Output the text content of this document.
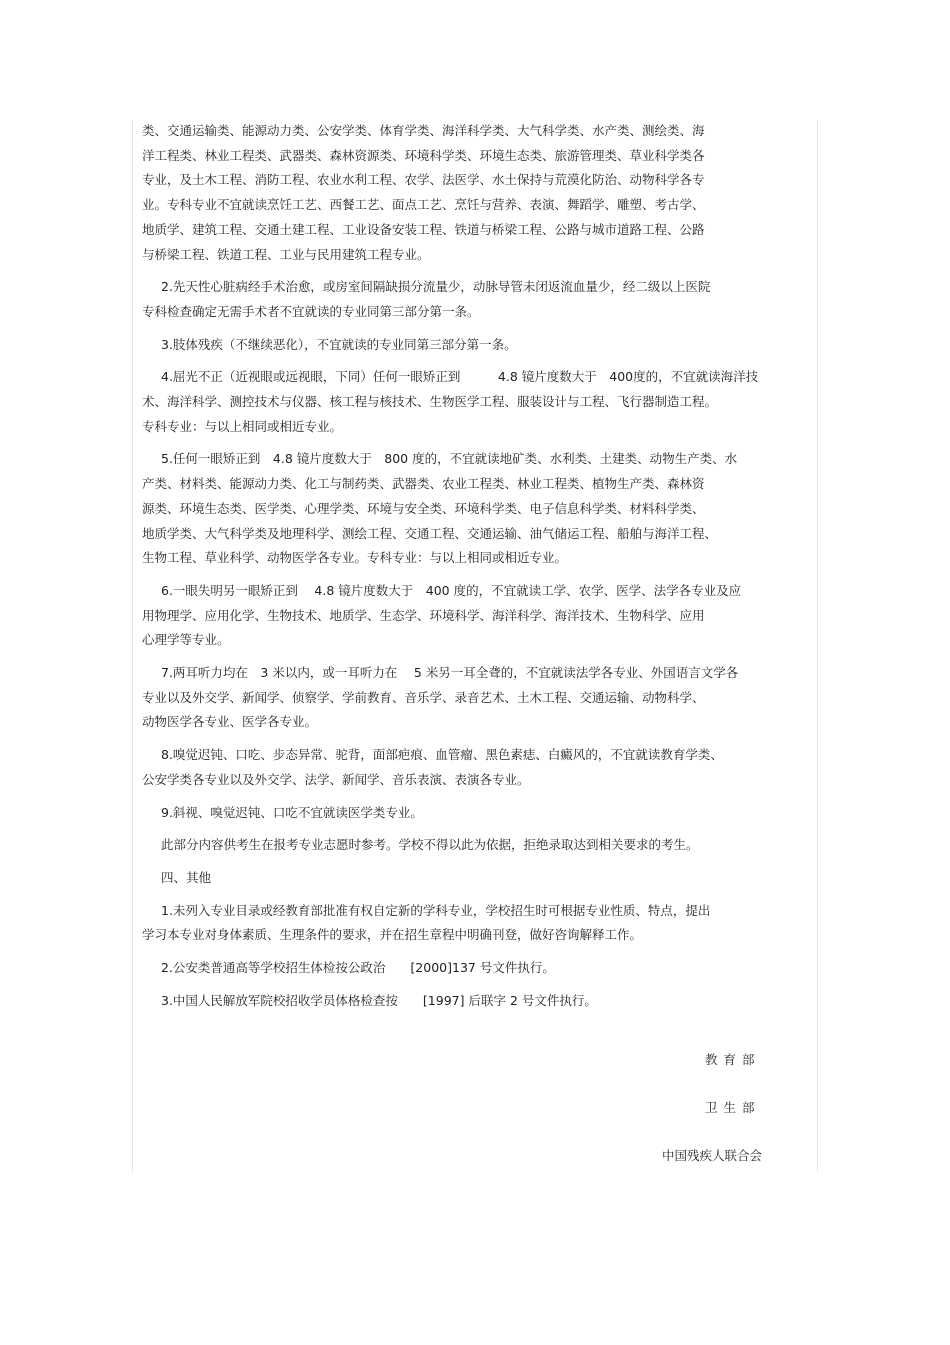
类、交通运输类、能源动力类、公安学类、体育学类、海洋科学类、大气科学类、水产类、测绘类、海
洋工程类、林业工程类、武器类、森林资源类、环境科学类、环境生态类、旅游管理类、草业科学类各
专业，及土木工程、消防工程、农业水利工程、农学、法医学、水土保持与荒漠化防治、动物科学各专
业。专科专业不宜就读烹饪工艺、西餐工艺、面点工艺、烹饪与营养、表演、舞蹈学、雕塑、考古学、
地质学、建筑工程、交通土建工程、工业设备安装工程、铁道与桥梁工程、公路与城市道路工程、公路
与桥梁工程、铁道工程、工业与民用建筑工程专业。
2.先天性心脏病经手术治愈，或房室间隔缺损分流量少，动脉导管未闭返流血量少，经二级以上医院
专科检查确定无需手术者不宜就读的专业同第三部分第一条。
3.肢体残疾（不继续恶化），不宜就读的专业同第三部分第一条。
4.屈光不正（近视眼或远视眼，下同）任何一眼矫正到　　　4.8 镜片度数大于　400度的，不宜就读海洋技
术、海洋科学、测控技术与仪器、核工程与核技术、生物医学工程、服装设计与工程、飞行器制造工程。
专科专业：与以上相同或相近专业。
5.任何一眼矫正到　4.8 镜片度数大于　800 度的，不宜就读地矿类、水利类、土建类、动物生产类、水
产类、材料类、能源动力类、化工与制药类、武器类、农业工程类、林业工程类、植物生产类、森林资
源类、环境生态类、医学类、心理学类、环境与安全类、环境科学类、电子信息科学类、材料科学类、
地质学类、大气科学类及地理科学、测绘工程、交通工程、交通运输、油气储运工程、船舶与海洋工程、
生物工程、草业科学、动物医学各专业。专科专业：与以上相同或相近专业。
6.一眼失明另一眼矫正到　 4.8 镜片度数大于　400 度的，不宜就读工学、农学、医学、法学各专业及应
用物理学、应用化学、生物技术、地质学、生态学、环境科学、海洋科学、海洋技术、生物科学、应用
心理学等专业。
7.两耳听力均在　3 米以内，或一耳听力在　 5 米另一耳全聋的，不宜就读法学各专业、外国语言文学各
专业以及外交学、新闻学、侦察学、学前教育、音乐学、录音艺术、土木工程、交通运输、动物科学、
动物医学各专业、医学各专业。
8.嗅觉迟钝、口吃、步态异常、驼背，面部疤痕、血管瘤、黑色素痣、白癜风的，不宜就读教育学类、
公安学类各专业以及外交学、法学、新闻学、音乐表演、表演各专业。
9.斜视、嗅觉迟钝、口吃不宜就读医学类专业。
此部分内容供考生在报考专业志愿时参考。学校不得以此为依据，拒绝录取达到相关要求的考生。
四、其他
1.未列入专业目录或经教育部批准有权自定新的学科专业，学校招生时可根据专业性质、特点，提出
学习本专业对身体素质、生理条件的要求，并在招生章程中明确刊登，做好咨询解释工作。
2.公安类普通高等学校招生体检按公政治　　[2000]137 号文件执行。
3.中国人民解放军院校招收学员体格检查按　　[1997] 后联字 2 号文件执行。
教育部
卫生部
中国残疾人联合会
